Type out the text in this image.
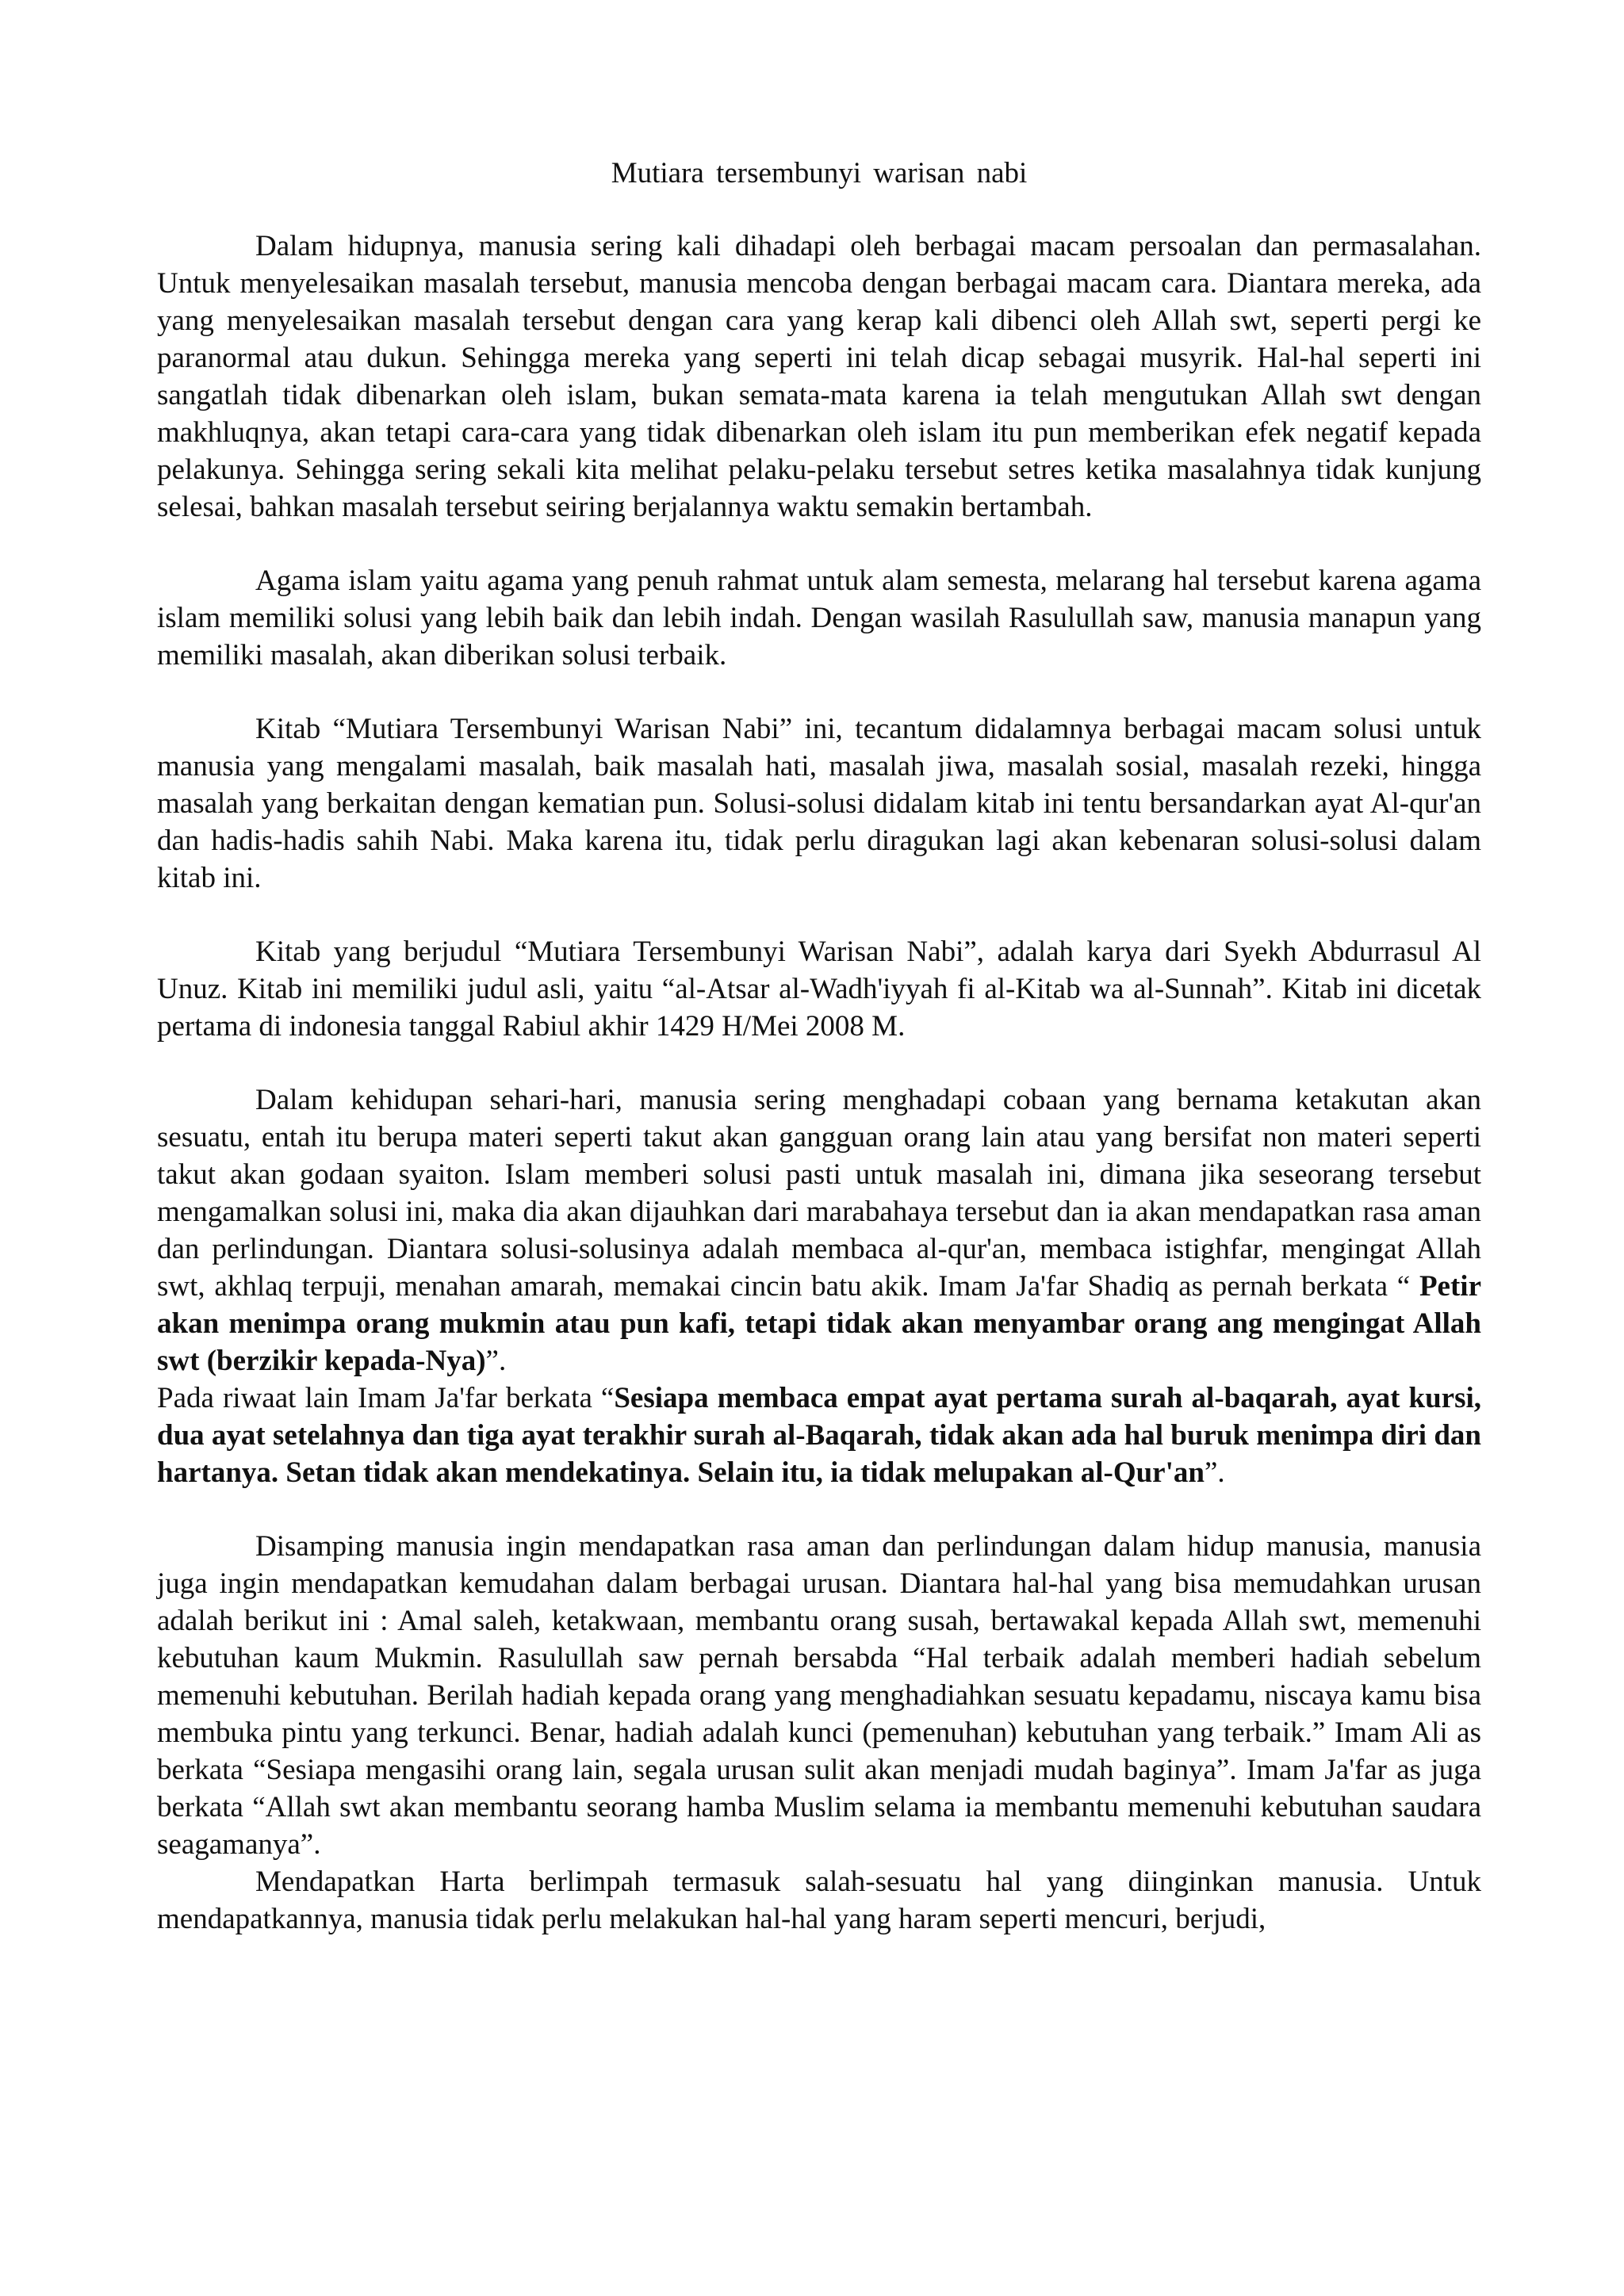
Mutiara tersembunyi warisan nabi

Dalam hidupnya, manusia sering kali dihadapi oleh berbagai macam persoalan dan permasalahan. Untuk menyelesaikan masalah tersebut, manusia mencoba dengan berbagai macam cara. Diantara mereka, ada yang menyelesaikan masalah tersebut dengan cara yang kerap kali dibenci oleh Allah swt, seperti pergi ke paranormal atau dukun. Sehingga mereka yang seperti ini telah dicap sebagai musyrik. Hal-hal seperti ini sangatlah tidak dibenarkan oleh islam, bukan semata-mata karena ia telah mengutukan Allah swt dengan makhluqnya, akan tetapi cara-cara yang tidak dibenarkan oleh islam itu pun memberikan efek negatif kepada pelakunya. Sehingga sering sekali kita melihat pelaku-pelaku tersebut setres ketika masalahnya tidak kunjung selesai, bahkan masalah tersebut seiring berjalannya waktu semakin bertambah.

Agama islam yaitu agama yang penuh rahmat untuk alam semesta, melarang hal tersebut karena agama islam memiliki solusi yang lebih baik dan lebih indah. Dengan wasilah Rasulullah saw, manusia manapun yang memiliki masalah, akan diberikan solusi terbaik.

Kitab “Mutiara Tersembunyi Warisan Nabi” ini, tecantum didalamnya berbagai macam solusi untuk manusia yang mengalami masalah, baik masalah hati, masalah jiwa, masalah sosial, masalah rezeki, hingga masalah yang berkaitan dengan kematian pun. Solusi-solusi didalam kitab ini tentu bersandarkan ayat Al-qur'an dan hadis-hadis sahih Nabi. Maka karena itu, tidak perlu diragukan lagi akan kebenaran solusi-solusi dalam kitab ini.

Kitab yang berjudul “Mutiara Tersembunyi Warisan Nabi”, adalah karya dari Syekh Abdurrasul Al Unuz. Kitab ini memiliki judul asli, yaitu “al-Atsar al-Wadh'iyyah fi al-Kitab wa al-Sunnah”. Kitab ini dicetak pertama di indonesia tanggal Rabiul akhir 1429 H/Mei 2008 M.

Dalam kehidupan sehari-hari, manusia sering menghadapi cobaan yang bernama ketakutan akan sesuatu, entah itu berupa materi seperti takut akan gangguan orang lain atau yang bersifat non materi seperti takut akan godaan syaiton. Islam memberi solusi pasti untuk masalah ini, dimana jika seseorang tersebut mengamalkan solusi ini, maka dia akan dijauhkan dari marabahaya tersebut dan ia akan mendapatkan rasa aman dan perlindungan. Diantara solusi-solusinya adalah membaca al-qur'an, membaca istighfar, mengingat Allah swt, akhlaq terpuji, menahan amarah, memakai cincin batu akik. Imam Ja'far Shadiq as pernah berkata “ Petir akan menimpa orang mukmin atau pun kafi, tetapi tidak akan menyambar orang ang mengingat Allah swt (berzikir kepada-Nya)”.

Pada riwaat lain Imam Ja'far berkata “Sesiapa membaca empat ayat pertama surah al-baqarah, ayat kursi, dua ayat setelahnya dan tiga ayat terakhir surah al-Baqarah, tidak akan ada hal buruk menimpa diri dan hartanya. Setan tidak akan mendekatinya. Selain itu, ia tidak melupakan al-Qur'an”.

Disamping manusia ingin mendapatkan rasa aman dan perlindungan dalam hidup manusia, manusia juga ingin mendapatkan kemudahan dalam berbagai urusan. Diantara hal-hal yang bisa memudahkan urusan adalah berikut ini : Amal saleh, ketakwaan, membantu orang susah, bertawakal kepada Allah swt, memenuhi kebutuhan kaum Mukmin. Rasulullah saw pernah bersabda “Hal terbaik adalah memberi hadiah sebelum memenuhi kebutuhan. Berilah hadiah kepada orang yang menghadiahkan sesuatu kepadamu, niscaya kamu bisa membuka pintu yang terkunci. Benar, hadiah adalah kunci (pemenuhan) kebutuhan yang terbaik.” Imam Ali as berkata “Sesiapa mengasihi orang lain, segala urusan sulit akan menjadi mudah baginya”. Imam Ja'far as juga berkata “Allah swt akan membantu seorang hamba Muslim selama ia membantu memenuhi kebutuhan saudara seagamanya”.

Mendapatkan Harta berlimpah termasuk salah-sesuatu hal yang diinginkan manusia. Untuk mendapatkannya, manusia tidak perlu melakukan hal-hal yang haram seperti mencuri, berjudi,
